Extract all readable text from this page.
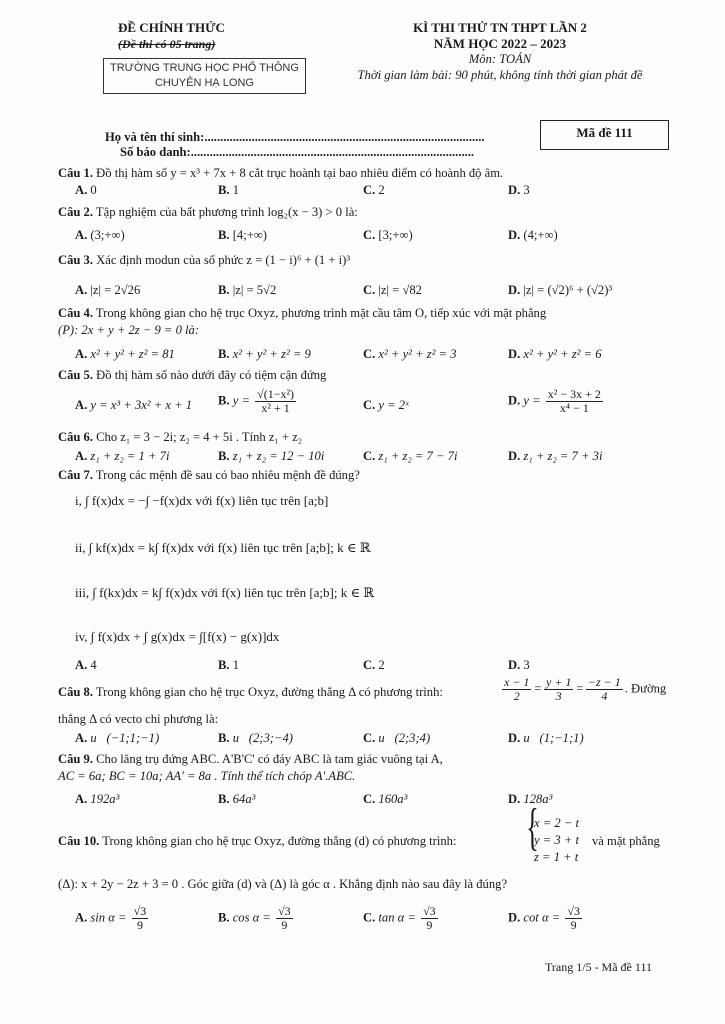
ĐỀ CHÍNH THỨC
(Đề thi có 05 trang)
TRƯỜNG TRUNG HỌC PHỔ THÔNG
CHUYÊN HẠ LONG
KÌ THI THỬ TN THPT LẦN 2
NĂM HỌC 2022 – 2023
Môn: TOÁN
Thời gian làm bài: 90 phút, không tính thời gian phát đề
Họ và tên thí sinh:.........................................................................................
Số báo danh:..........................................................................................
Mã đề 111
Câu 1. Đồ thị hàm số y = x³ + 7x + 8 cắt trục hoành tại bao nhiêu điểm có hoành độ âm.
A. 0	B. 1	C. 2	D. 3
Câu 2. Tập nghiệm của bất phương trình log₂(x − 3) > 0 là:
A. (3;+∞)	B. [4;+∞)	C. [3;+∞)	D. (4;+∞)
Câu 3. Xác định modun của số phức z = (1 − i)⁶ + (1 + i)³
A. |z| = 2√26	B. |z| = 5√2	C. |z| = √82	D. |z| = (√2)⁶ + (√2)³
Câu 4. Trong không gian cho hệ trục Oxyz, phương trình mặt cầu tâm O, tiếp xúc với mặt phẳng
(P): 2x + y + 2z − 9 = 0 là:
A. x² + y² + z² = 81	B. x² + y² + z² = 9	C. x² + y² + z² = 3	D. x² + y² + z² = 6
Câu 5. Đồ thị hàm số nào dưới đây có tiệm cận đứng
A. y = x³ + 3x² + x + 1 B. $y = \frac{\text{√(1−x²)}}{\text{x² + 1}}$	C. y = 2ˣ	D. $y = \frac{\text{x² − 3x + 2}}{\text{x⁴ − 1}}$
Câu 6. Cho z₁ = 3 − 2i; z₂ = 4 + 5i . Tính z₁ + z₂
A. z₁ + z₂ = 1 + 7i	B. z₁ + z₂ = 12 − 10i	C. z₁ + z₂ = 7 − 7i	D. z₁ + z₂ = 7 + 3i
Câu 7. Trong các mệnh đề sau có bao nhiêu mệnh đề đúng?
i, ∫ f(x)dx = −∫ −f(x)dx với f(x) liên tục trên [a;b]
ii, ∫ kf(x)dx = k∫ f(x)dx với f(x) liên tục trên [a;b]; k ∈ ℝ
iii, ∫ f(kx)dx = k∫ f(x)dx với f(x) liên tục trên [a;b]; k ∈ ℝ
iv, ∫ f(x)dx + ∫ g(x)dx = ∫[f(x) − g(x)]dx
A. 4	B. 1	C. 2	D. 3
Câu 8. Trong không gian cho hệ trục Oxyz, đường thẳng Δ có phương trình:	$\frac{x - 1}{2} = \frac{y + 1}{3} = \frac{-z - 1}{4}$ . Đường
thẳng Δ có vecto chỉ phương là:
A. u⃗(−1;1;−1)	B. u⃗(2;3;−4)	C. u⃗(2;3;4)	D. u⃗(1;−1;1)
Câu 9. Cho lăng trụ đứng ABC. A'B'C' có đáy ABC là tam giác vuông tại A,
AC = 6a; BC = 10a; AA' = 8a . Tính thể tích chóp A'.ABC.
A. 192a³	B. 64a³	C. 160a³	D. 128a³
Câu 10. Trong không gian cho hệ trục Oxyz, đường thẳng (d) có phương trình: {
x = 2 − t
y = 3 + t
z = 1 + t
và mặt phẳng
(Δ): x + 2y − 2z + 3 = 0 . Góc giữa (d) và (Δ) là góc α . Khẳng định nào sau đây là đúng?
A. $\sin \alpha = \frac{√3}{9}$	B. $\cos \alpha = \frac{√3}{9}$	C. $\tan \alpha = \frac{√3}{9}$	D. $\cot \alpha = \frac{√3}{9}$
Trang 1/5 - Mã đề 111
